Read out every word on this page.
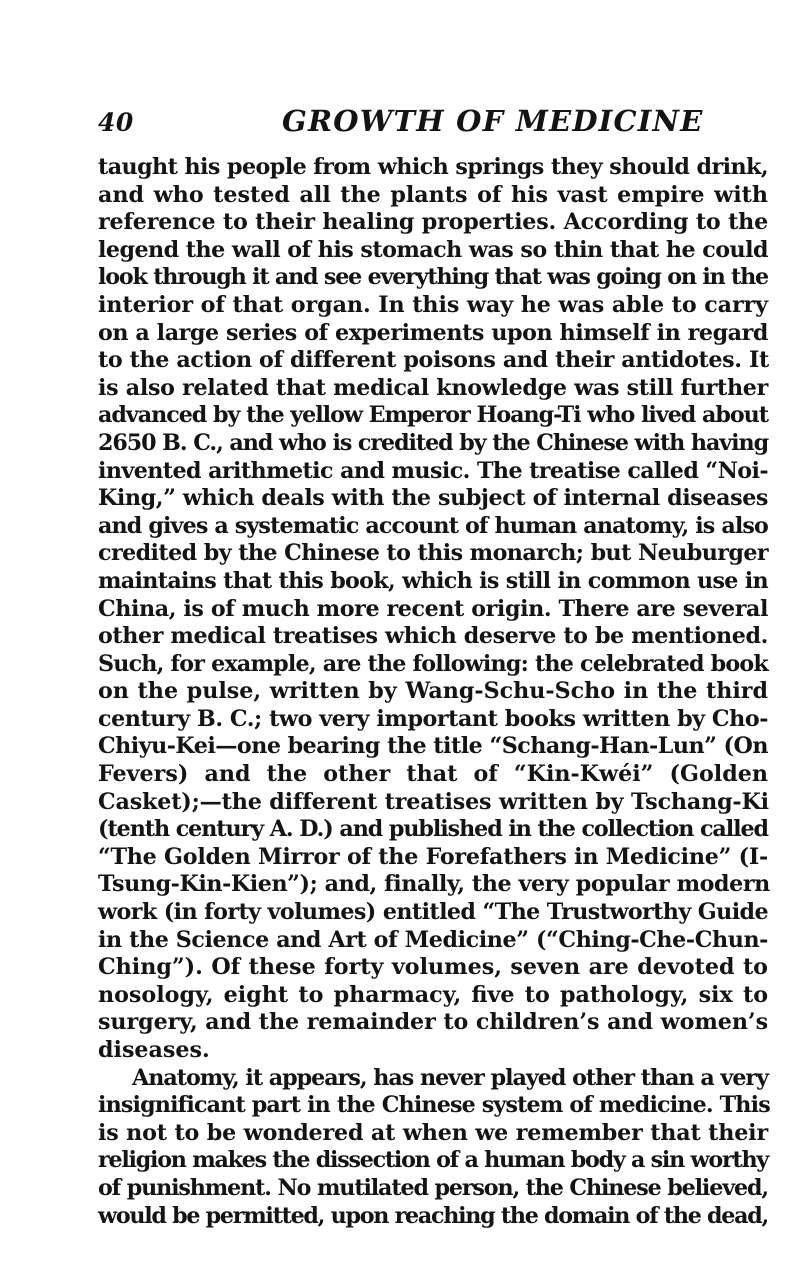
40	GROWTH OF MEDICINE
taught his people from which springs they should drink,
and who tested all the plants of his vast empire with
reference to their healing properties. According to the
legend the wall of his stomach was so thin that he could
look through it and see everything that was going on in the
interior of that organ. In this way he was able to carry
on a large series of experiments upon himself in regard
to the action of different poisons and their antidotes. It
is also related that medical knowledge was still further
advanced by the yellow Emperor Hoang-Ti who lived about
2650 B. C., and who is credited by the Chinese with having
invented arithmetic and music. The treatise called “Noi-
King,” which deals with the subject of internal diseases
and gives a systematic account of human anatomy, is also
credited by the Chinese to this monarch; but Neuburger
maintains that this book, which is still in common use in
China, is of much more recent origin. There are several
other medical treatises which deserve to be mentioned.
Such, for example, are the following: the celebrated book
on the pulse, written by Wang-Schu-Scho in the third
century B. C.; two very important books written by Cho-
Chiyu-Kei—one bearing the title “Schang-Han-Lun” (On
Fevers) and the other that of “Kin-Kwéi” (Golden
Casket);—the different treatises written by Tschang-Ki
(tenth century A. D.) and published in the collection called
“The Golden Mirror of the Forefathers in Medicine” (I-
Tsung-Kin-Kien”); and, finally, the very popular modern
work (in forty volumes) entitled “The Trustworthy Guide
in the Science and Art of Medicine” (“Ching-Che-Chun-
Ching”). Of these forty volumes, seven are devoted to
nosology, eight to pharmacy, five to pathology, six to
surgery, and the remainder to children’s and women’s
diseases.
Anatomy, it appears, has never played other than a very
insignificant part in the Chinese system of medicine. This
is not to be wondered at when we remember that their
religion makes the dissection of a human body a sin worthy
of punishment. No mutilated person, the Chinese believed,
would be permitted, upon reaching the domain of the dead,
